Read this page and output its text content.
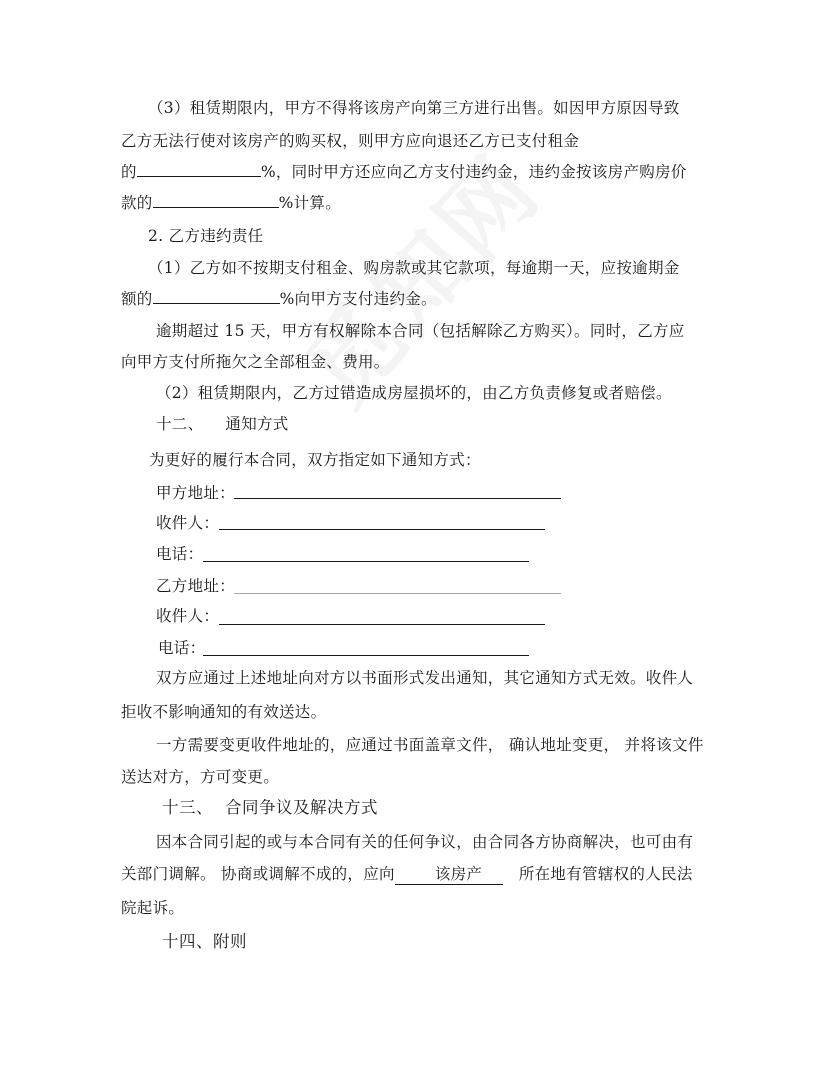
（3）租赁期限内，甲方不得将该房产向第三方进行出售。如因甲方原因导致
乙方无法行使对该房产的购买权，则甲方应向退还乙方已支付租金
的	%，同时甲方还应向乙方支付违约金，违约金按该房产购房价
款的	%计算。
2. 乙方违约责任
（1）乙方如不按期支付租金、购房款或其它款项，每逾期一天，应按逾期金
额的	%向甲方支付违约金。
逾期超过 15 天，甲方有权解除本合同（包括解除乙方购买）。同时，乙方应
向甲方支付所拖欠之全部租金、费用。
（2）租赁期限内，乙方过错造成房屋损坏的，由乙方负责修复或者赔偿。
十二、 通知方式
为更好的履行本合同，双方指定如下通知方式：
甲方地址：
收件人：
电话：
乙方地址：
收件人：
电话：
双方应通过上述地址向对方以书面形式发出通知，其它通知方式无效。收件人
拒收不影响通知的有效送达。
一方需要变更收件地址的，应通过书面盖章文件， 确认地址变更， 并将该文件
送达对方，方可变更。
十三、 合同争议及解决方式
因本合同引起的或与本合同有关的任何争议，由合同各方协商解决，也可由有
关部门调解。 协商或调解不成的，应向	该房产 所在地有管辖权的人民法
院起诉。
十四、附则
